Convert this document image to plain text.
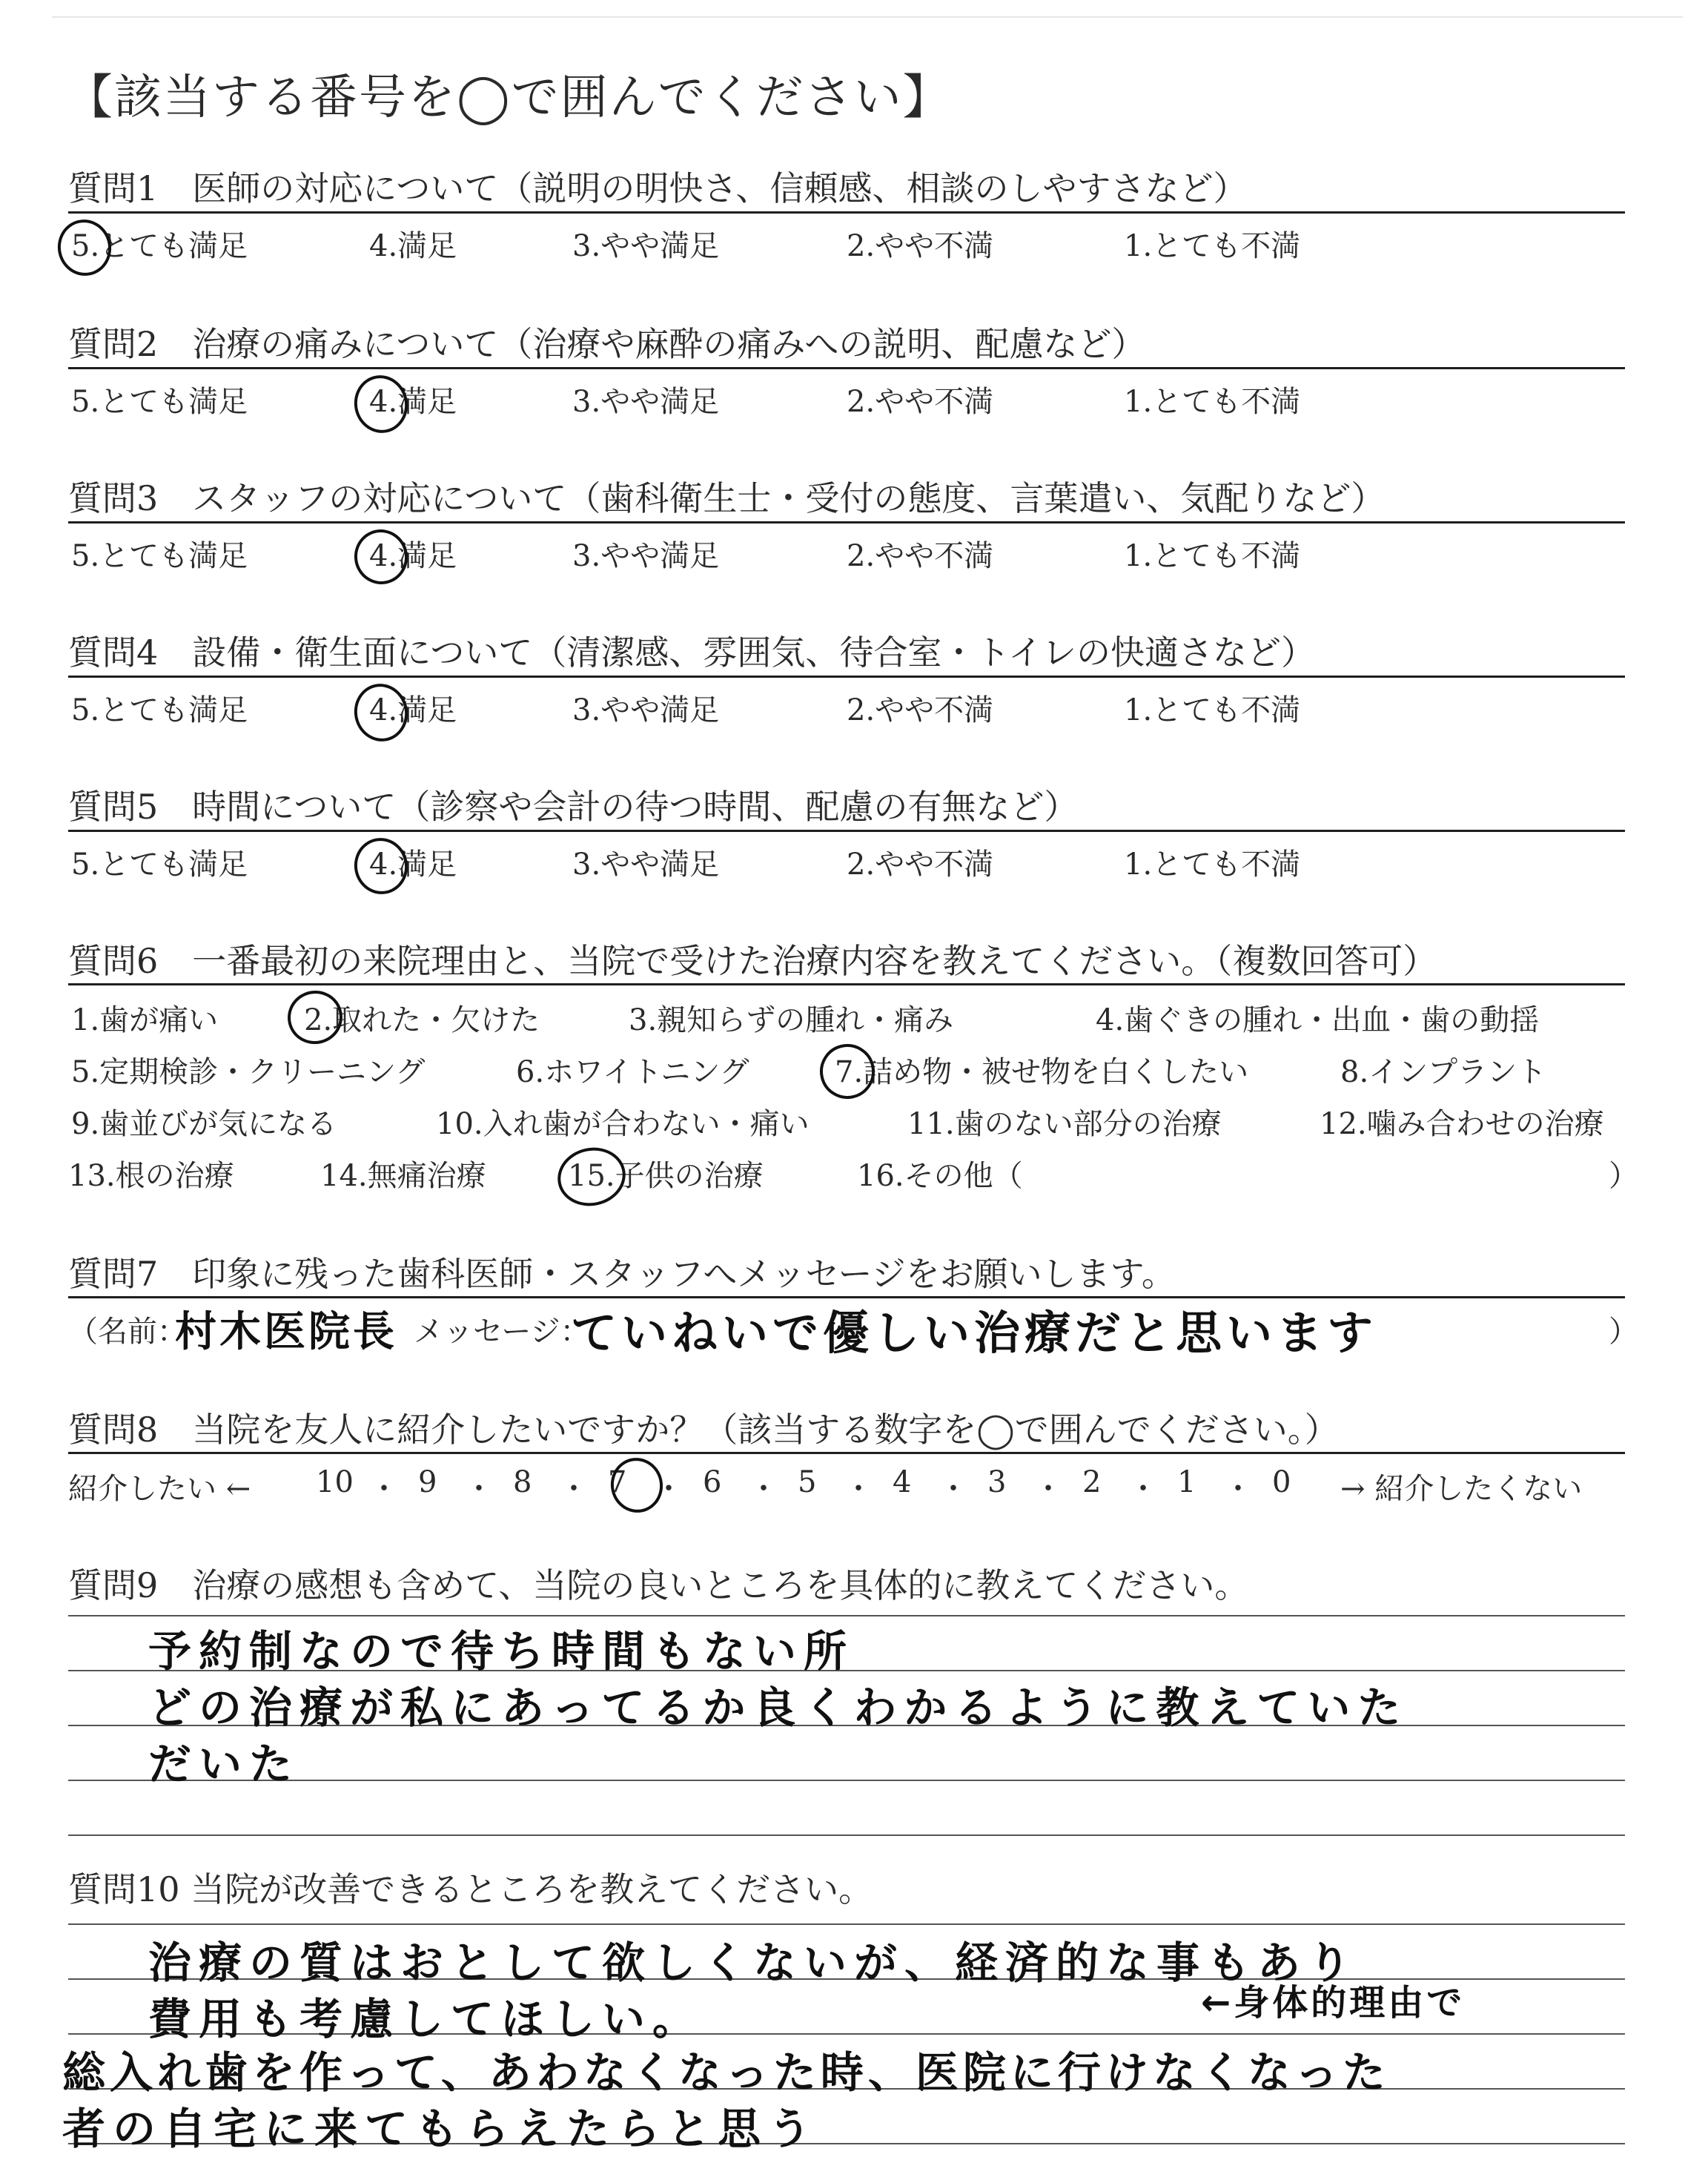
【該当する番号を◯で囲んでください】
質問1　医師の対応について（説明の明快さ、信頼感、相談のしやすさなど）
5.とても満足	4.満足	3.やや満足	2.やや不満	1.とても不満
質問2　治療の痛みについて（治療や麻酔の痛みへの説明、配慮など）
5.とても満足	4.満足	3.やや満足	2.やや不満	1.とても不満
質問3　スタッフの対応について（歯科衛生士・受付の態度、言葉遣い、気配りなど）
5.とても満足	4.満足	3.やや満足	2.やや不満	1.とても不満
質問4　設備・衛生面について（清潔感、雰囲気、待合室・トイレの快適さなど）
5.とても満足	4.満足	3.やや満足	2.やや不満	1.とても不満
質問5　時間について（診察や会計の待つ時間、配慮の有無など）
5.とても満足	4.満足	3.やや満足	2.やや不満	1.とても不満
質問6　一番最初の来院理由と、当院で受けた治療内容を教えてください。（複数回答可）
1.歯が痛い	2.取れた・欠けた	3.親知らずの腫れ・痛み	4.歯ぐきの腫れ・出血・歯の動揺
5.定期検診・クリーニング	6.ホワイトニング	7.詰め物・被せ物を白くしたい	8.インプラント
9.歯並びが気になる	10.入れ歯が合わない・痛い	11.歯のない部分の治療	12.噛み合わせの治療
13.根の治療	14.無痛治療	15.子供の治療	16.その他（	）
質問7　印象に残った歯科医師・スタッフへメッセージをお願いします。
（名前：	メッセージ：	）
村木医院長	ていねいで優しい治療だと思います
質問8　当院を友人に紹介したいですか？（該当する数字を◯で囲んでください。）
紹介したい ← 10 ・ 9 ・ 8 ・ 7 ・ 6 ・ 5 ・ 4 ・ 3 ・ 2 ・ 1 ・ 0 → 紹介したくない
質問9　治療の感想も含めて、当院の良いところを具体的に教えてください。
予約制なので待ち時間もない所
どの治療が私にあってるか良くわかるように教えていた
だいた
質問10 当院が改善できるところを教えてください。
治療の質はおとして欲しくないが、経済的な事もあり
費用も考慮してほしい。	←身体的理由で
総入れ歯を作って、あわなくなった時、医院に行けなくなった
者の自宅に来てもらえたらと思う
